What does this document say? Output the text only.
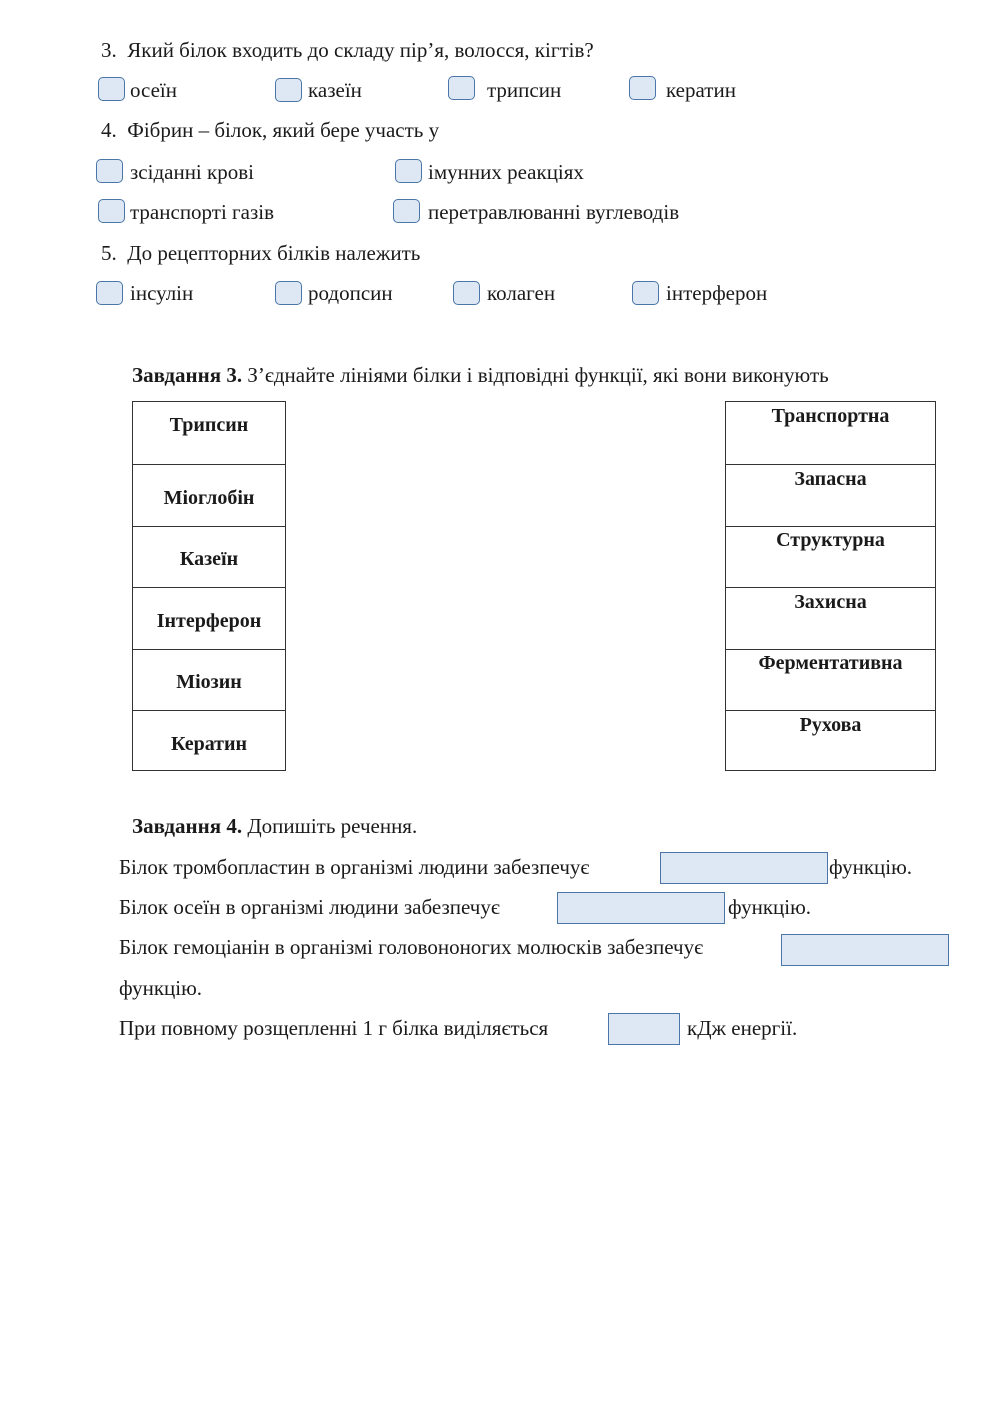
3. Який білок входить до складу пір’я, волосся, кігтів?
осеїн	казеїн	трипсин	кератин
4. Фібрин – білок, який бере участь у
зсіданні крові	імунних реакціях
транспорті газів	перетравлюванні вуглеводів
5. До рецепторних білків належить
інсулін	родопсин	колаген	інтерферон
Завдання 3. З’єднайте лініями білки і відповідні функції, які вони виконують
Трипсин
Міоглобін
Казеїн
Інтерферон
Міозин
Кератин
Транспортна
Запасна
Структурна
Захисна
Ферментативна
Рухова
Завдання 4. Допишіть речення.
Білок тромбопластин в організмі людини забезпечує	функцію.
Білок осеїн в організмі людини забезпечує	функцію.
Білок гемоціанін в організмі головононогих молюсків забезпечує
функцію.
При повному розщепленні 1 г білка виділяється	кДж енергії.
